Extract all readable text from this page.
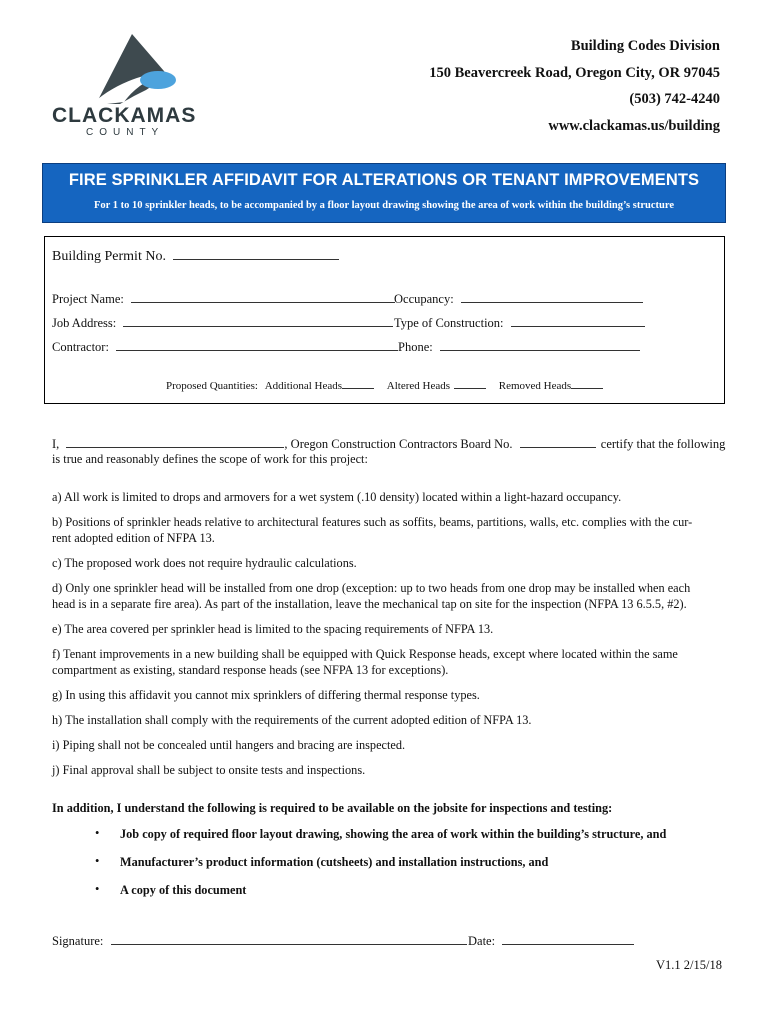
CLACKAMAS
COUNTY
Building Codes Division
150 Beavercreek Road, Oregon City, OR 97045
(503) 742-4240
www.clackamas.us/building
FIRE SPRINKLER AFFIDAVIT FOR ALTERATIONS OR TENANT IMPROVEMENTS
For 1 to 10 sprinkler heads, to be accompanied by a floor layout drawing showing the area of work within the building’s structure
Building Permit No.
Project Name:	Occupancy:
Job Address:	Type of Construction:
Contractor:	Phone:
Proposed Quantities: Additional Heads	Altered Heads	Removed Heads
I,	, Oregon Construction Contractors Board No.	certify that the following
is true and reasonably defines the scope of work for this project:
a) All work is limited to drops and armovers for a wet system (.10 density) located within a light-hazard occupancy.
b) Positions of sprinkler heads relative to architectural features such as soffits, beams, partitions, walls, etc. complies with the cur-
rent adopted edition of NFPA 13.
c) The proposed work does not require hydraulic calculations.
d) Only one sprinkler head will be installed from one drop (exception: up to two heads from one drop may be installed when each
head is in a separate fire area). As part of the installation, leave the mechanical tap on site for the inspection (NFPA 13 6.5.5, #2).
e) The area covered per sprinkler head is limited to the spacing requirements of NFPA 13.
f) Tenant improvements in a new building shall be equipped with Quick Response heads, except where located within the same
compartment as existing, standard response heads (see NFPA 13 for exceptions).
g) In using this affidavit you cannot mix sprinklers of differing thermal response types.
h) The installation shall comply with the requirements of the current adopted edition of NFPA 13.
i) Piping shall not be concealed until hangers and bracing are inspected.
j) Final approval shall be subject to onsite tests and inspections.
In addition, I understand the following is required to be available on the jobsite for inspections and testing:
• Job copy of required floor layout drawing, showing the area of work within the building’s structure, and
• Manufacturer’s product information (cutsheets) and installation instructions, and
• A copy of this document
Signature:	Date:
V1.1 2/15/18
